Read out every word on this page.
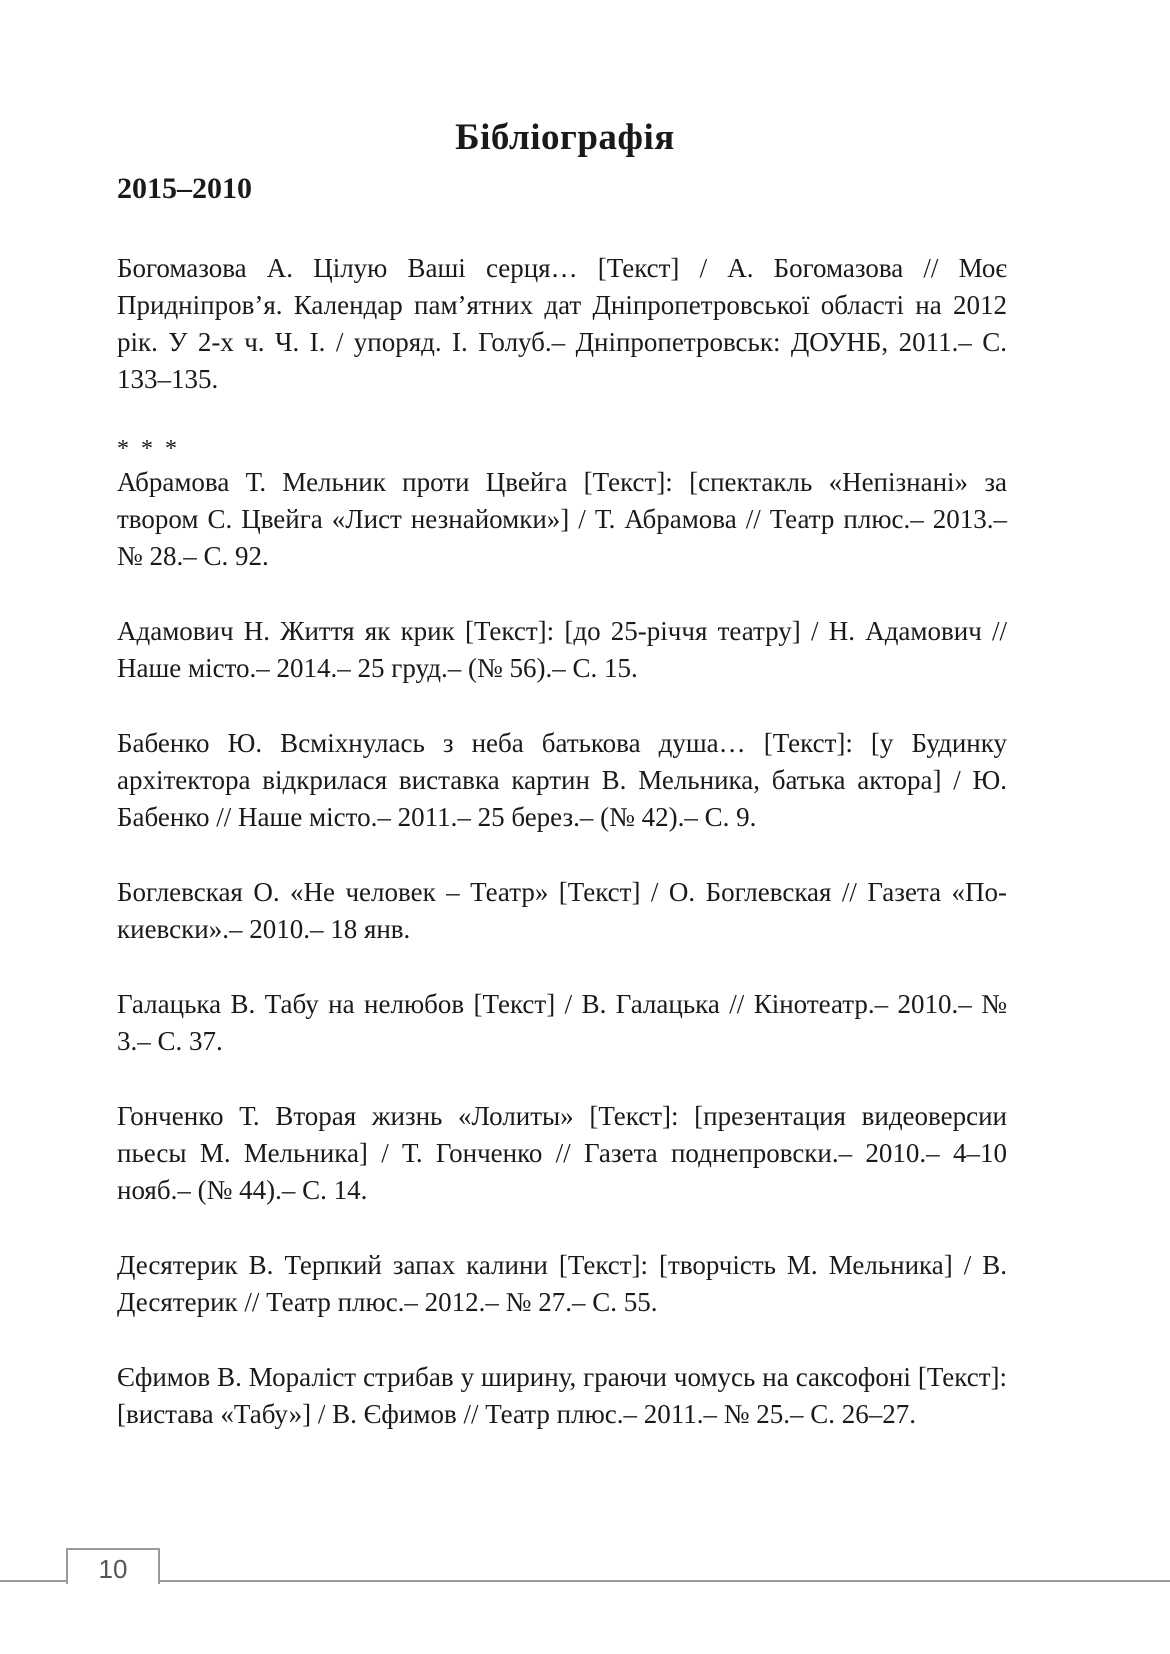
Бібліографія
2015–2010

Богомазова А. Цілую Ваші серця… [Текст] / А. Богомазова // Моє Придніпров’я. Календар пам’ятних дат Дніпропетровської області на 2012 рік. У 2-х ч. Ч. І. / упоряд. І. Голуб.– Дніпропетровськ: ДОУНБ, 2011.– С. 133–135.

* * *

Абрамова Т. Мельник проти Цвейга [Текст]: [спектакль «Непізнані» за твором С. Цвейга «Лист незнайомки»] / Т. Абрамова // Театр плюс.– 2013.– № 28.– С. 92.

Адамович Н. Життя як крик [Текст]: [до 25-річчя театру] / Н. Адамович // Наше місто.– 2014.– 25 груд.– (№ 56).– С. 15.

Бабенко Ю. Всміхнулась з неба батькова душа… [Текст]: [у Будинку архітектора відкрилася виставка картин В. Мельника, батька актора] / Ю. Бабенко // Наше місто.– 2011.– 25 берез.– (№ 42).– С. 9.

Боглевская О. «Не человек – Театр» [Текст] / О. Боглевская // Газета «По-киевски».– 2010.– 18 янв.

Галацька В. Табу на нелюбов [Текст] / В. Галацька // Кінотеатр.– 2010.– № 3.– С. 37.

Гонченко Т. Вторая жизнь «Лолиты» [Текст]: [презентация видеоверсии пьесы М. Мельника] / Т. Гонченко // Газета поднепровски.– 2010.– 4–10 нояб.– (№ 44).– С. 14.

Десятерик В. Терпкий запах калини [Текст]: [творчість М. Мельника] / В. Десятерик // Театр плюс.– 2012.– № 27.– С. 55.

Єфимов В. Мораліст стрибав у ширину, граючи чомусь на саксофоні [Текст]: [вистава «Табу»] / В. Єфимов // Театр плюс.– 2011.– № 25.– С. 26–27.

10
